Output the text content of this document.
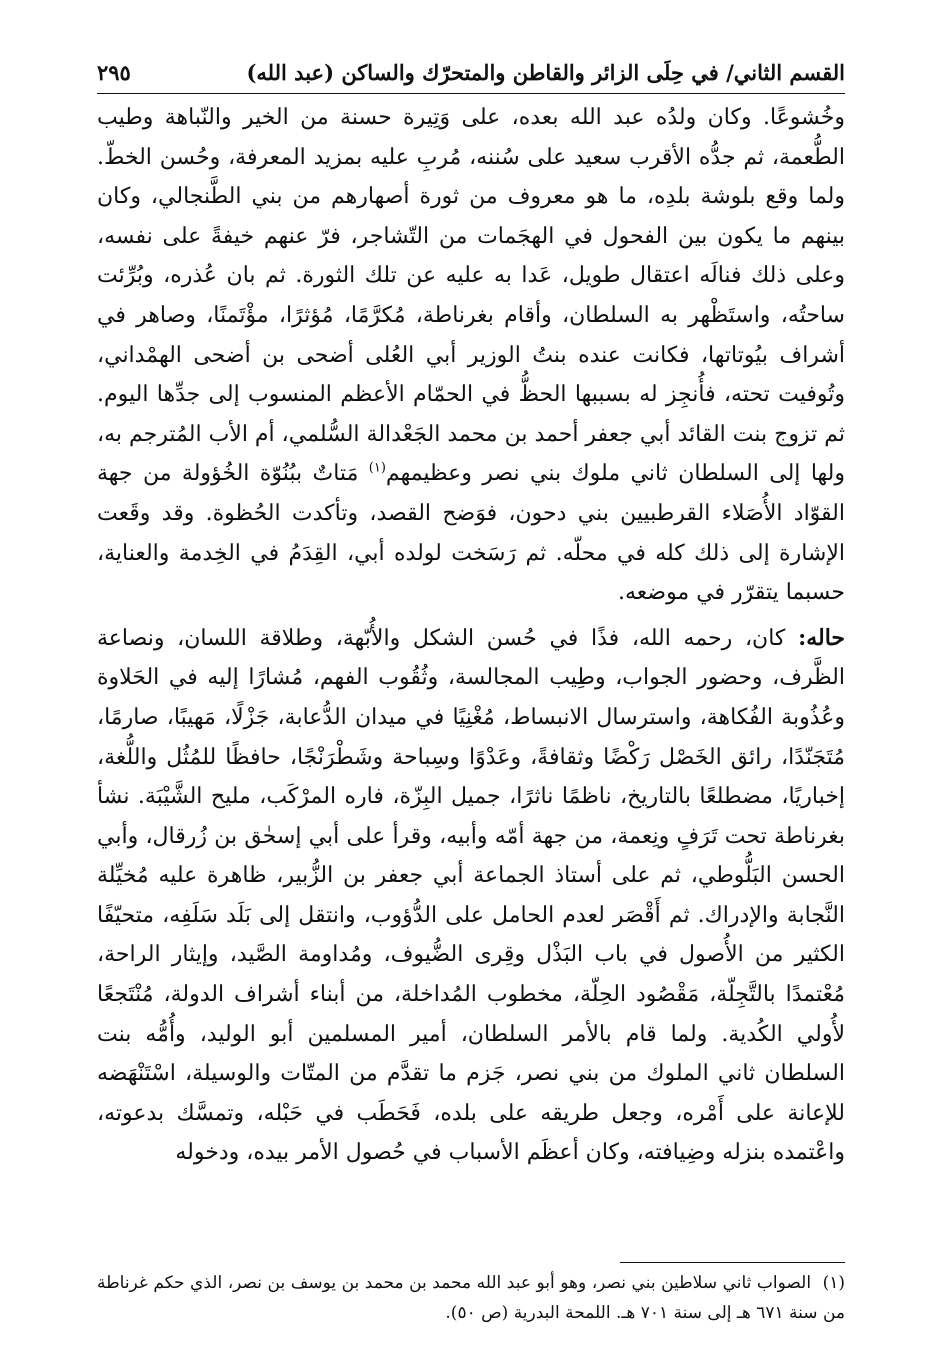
القسم الثاني/ في حِلَى الزائر والقاطن والمتحرّك والساكن (عبد الله)
٢٩٥

وخُشوعًا. وكان ولدُه عبد الله بعده، على وَتِيرة حسنة من الخير والنّباهة وطيب الطُّعمة، ثم جدُّه الأقرب سعيد على سُننه، مُربِ عليه بمزيد المعرفة، وحُسن الخطّ. ولما وقع بلوشة بلدِه، ما هو معروف من ثورة أصهارهم من بني الطَّنجالي، وكان بينهم ما يكون بين الفحول في الهجَمات من التّشاجر، فرّ عنهم خيفةً على نفسه، وعلى ذلك فنالَه اعتقال طويل، عَدا به عليه عن تلك الثورة. ثم بان عُذره، وبُرِّئت ساحتُه، واستَظْهر به السلطان، وأقام بغرناطة، مُكرَّمًا، مُؤثرًا، مؤْتَمنًا، وصاهر في أشراف بيُوتاتها، فكانت عنده بنتُ الوزير أبي العُلى أضحى بن أضحى الهمْداني، وتُوفيت تحته، فأُنجِز له بسببها الحظُّ في الحمّام الأعظم المنسوب إلى جدِّها اليوم. ثم تزوج بنت القائد أبي جعفر أحمد بن محمد الجَعْدالة السُّلمي، أم الأب المُترجم به، ولها إلى السلطان ثاني ملوك بني نصر وعظيمهم$^{(١)}$ مَتاتٌ ببُنُوّة الخُؤولة من جهة القوّاد الأُصَلاء القرطبيين بني دحون، فوَضح القصد، وتأكدت الحُظوة. وقد وقَعت الإشارة إلى ذلك كله في محلّه. ثم رَسَخت لولده أبي، القِدَمُ في الخِدمة والعناية، حسبما يتقرّر في موضعه.

حاله: كان، رحمه الله، فذًا في حُسن الشكل والأُبّهة، وطلاقة اللسان، ونصاعة الظَّرف، وحضور الجواب، وطِيب المجالسة، وثُقُوب الفهم، مُشارًا إليه في الحَلاوة وعُذُوبة الفُكاهة، واسترسال الانبساط، مُغْنِيًا في ميدان الدُّعابة، جَزْلًا، مَهيبًا، صارمًا، مُتَجَنّدًا، رائق الخَصْل رَكْضًا وثقافةً، وعَدْوًا وسِباحة وشَطْرَنْجًا، حافظًا للمُثُل واللُّغة، إخباريًا، مضطلعًا بالتاريخ، ناظمًا ناثرًا، جميل البِزّة، فاره المرْكَب، مليح الشَّيْبَة. نشأ بغرناطة تحت تَرَفٍ ونِعمة، من جهة أمّه وأبيه، وقرأ على أبي إسحٰق بن زُرقال، وأبي الحسن البَلُّوطي، ثم على أستاذ الجماعة أبي جعفر بن الزُّبير، ظاهرة عليه مُخيِّلة النَّجابة والإدراك. ثم أَقْصَر لعدم الحامل على الدُّؤوب، وانتقل إلى بَلَد سَلَفِه، متحيّفًا الكثير من الأُصول في باب البَذْل وقِرى الضُّيوف، ومُداومة الصَّيد، وإيثار الراحة، مُعْتمدًا بالتَّجِلّة، مَقْصُود الحِلّة، مخطوب المُداخلة، من أبناء أشراف الدولة، مُنْتَجعًا لأُولي الكُدية. ولما قام بالأمر السلطان، أمير المسلمين أبو الوليد، وأُمُّه بنت السلطان ثاني الملوك من بني نصر، جَزم ما تقدَّم من المتّات والوسيلة، اسْتَنْهَضه للإعانة على أَمْره، وجعل طريقه على بلده، فَحَطَب في حَبْله، وتمسَّك بدعوته، واعْتمده بنزله وضِيافته، وكان أعظَم الأسباب في حُصول الأمر بيده، ودخوله

(١) الصواب ثاني سلاطين بني نصر، وهو أبو عبد الله محمد بن محمد بن يوسف بن نصر، الذي حكم غرناطة من سنة ٦٧١ هـ إلى سنة ٧٠١ هـ. اللمحة البدرية (ص ٥٠).
